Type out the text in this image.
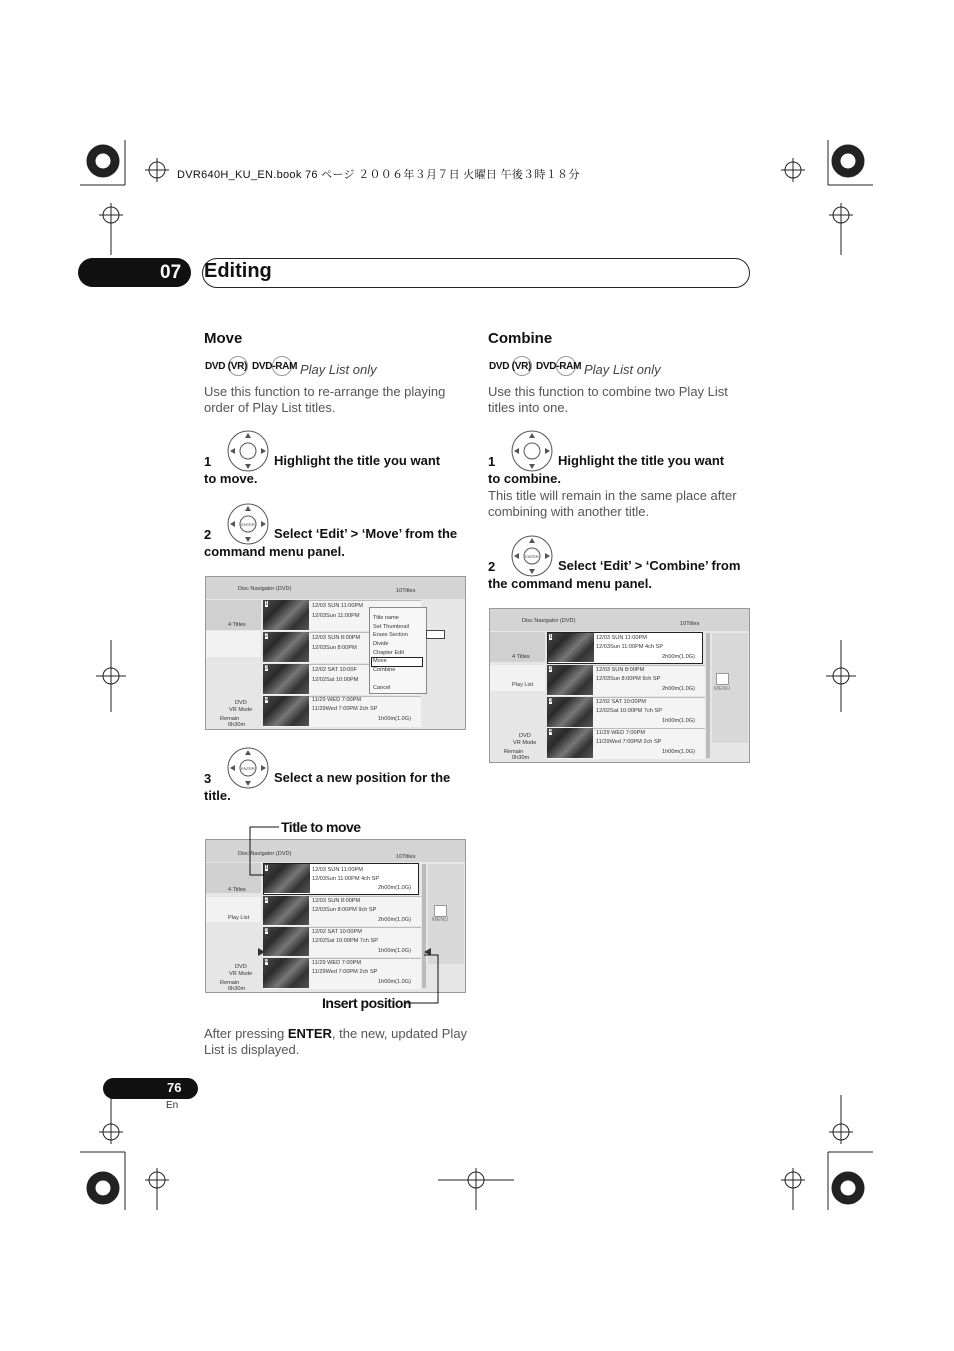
DVR640H_KU_EN.book 76 ページ ２００６年３月７日 火曜日 午後３時１８分
07 Editing
Move
DVD (VR) DVD-RAM Play List only
Use this function to re-arrange the playing order of Play List titles.
1	Highlight the title you want
to move.
ENTER
2	Select ‘Edit’ > ‘Move’ from the
command menu panel.
Disc Navigator (DVD)	10Titles
4 Titles
DVD
VR Mode
Remain
0h30m
1	12/03 SUN 11:00PM
12/03Sun 11:00PM
2	12/03 SUN 8:00PM
12/03Sun 8:00PM
3	12/02 SAT 10:00F
12/02Sat 10:00PM
4	11/29 WED 7:00PM
11/29Wed 7:00PM 2ch SP
1h00m(1.0G)
Title name
Set Thumbnail
Erase Section
Divide
Chapter Edit
Move
Combine
Cancel
ENTER
3	Select a new position for the
title.
Title to move
Disc Navigator (DVD)	10Titles
4 Titles
Play List
DVD
VR Mode
Remain
0h30m
1	12/03 SUN 11:00PM
12/03Sun 11:00PM 4ch SP
2h00m(1.0G)
2	12/03 SUN 8:00PM
12/03Sun 8:00PM 9ch SP
2h00m(1.0G)
3	12/02 SAT 10:00PM
12/02Sat 10:00PM 7ch SP
1h00m(1.0G)
4	11/29 WED 7:00PM
11/29Wed 7:00PM 2ch SP
1h00m(1.0G)
MENU
Insert position
After pressing ENTER, the new, updated Play
List is displayed.
Combine
DVD (VR) DVD-RAM Play List only
Use this function to combine two Play List titles into one.
1	Highlight the title you want
to combine.
This title will remain in the same place after combining with another title.
ENTER
2	Select ‘Edit’ > ‘Combine’ from
the command menu panel.
Disc Navigator (DVD)	10Titles
4 Titles
Play List
DVD
VR Mode
Remain
0h30m
1	12/03 SUN 11:00PM
12/03Sun 11:00PM 4ch SP
2h00m(1.0G)
2	12/03 SUN 8:00PM
12/03Sun 8:00PM 9ch SP
2h00m(1.0G)
3	12/02 SAT 10:00PM
12/02Sat 10:00PM 7ch SP
1h00m(1.0G)
4	11/29 WED 7:00PM
11/29Wed 7:00PM 2ch SP
1h00m(1.0G)
MENU
76
En
